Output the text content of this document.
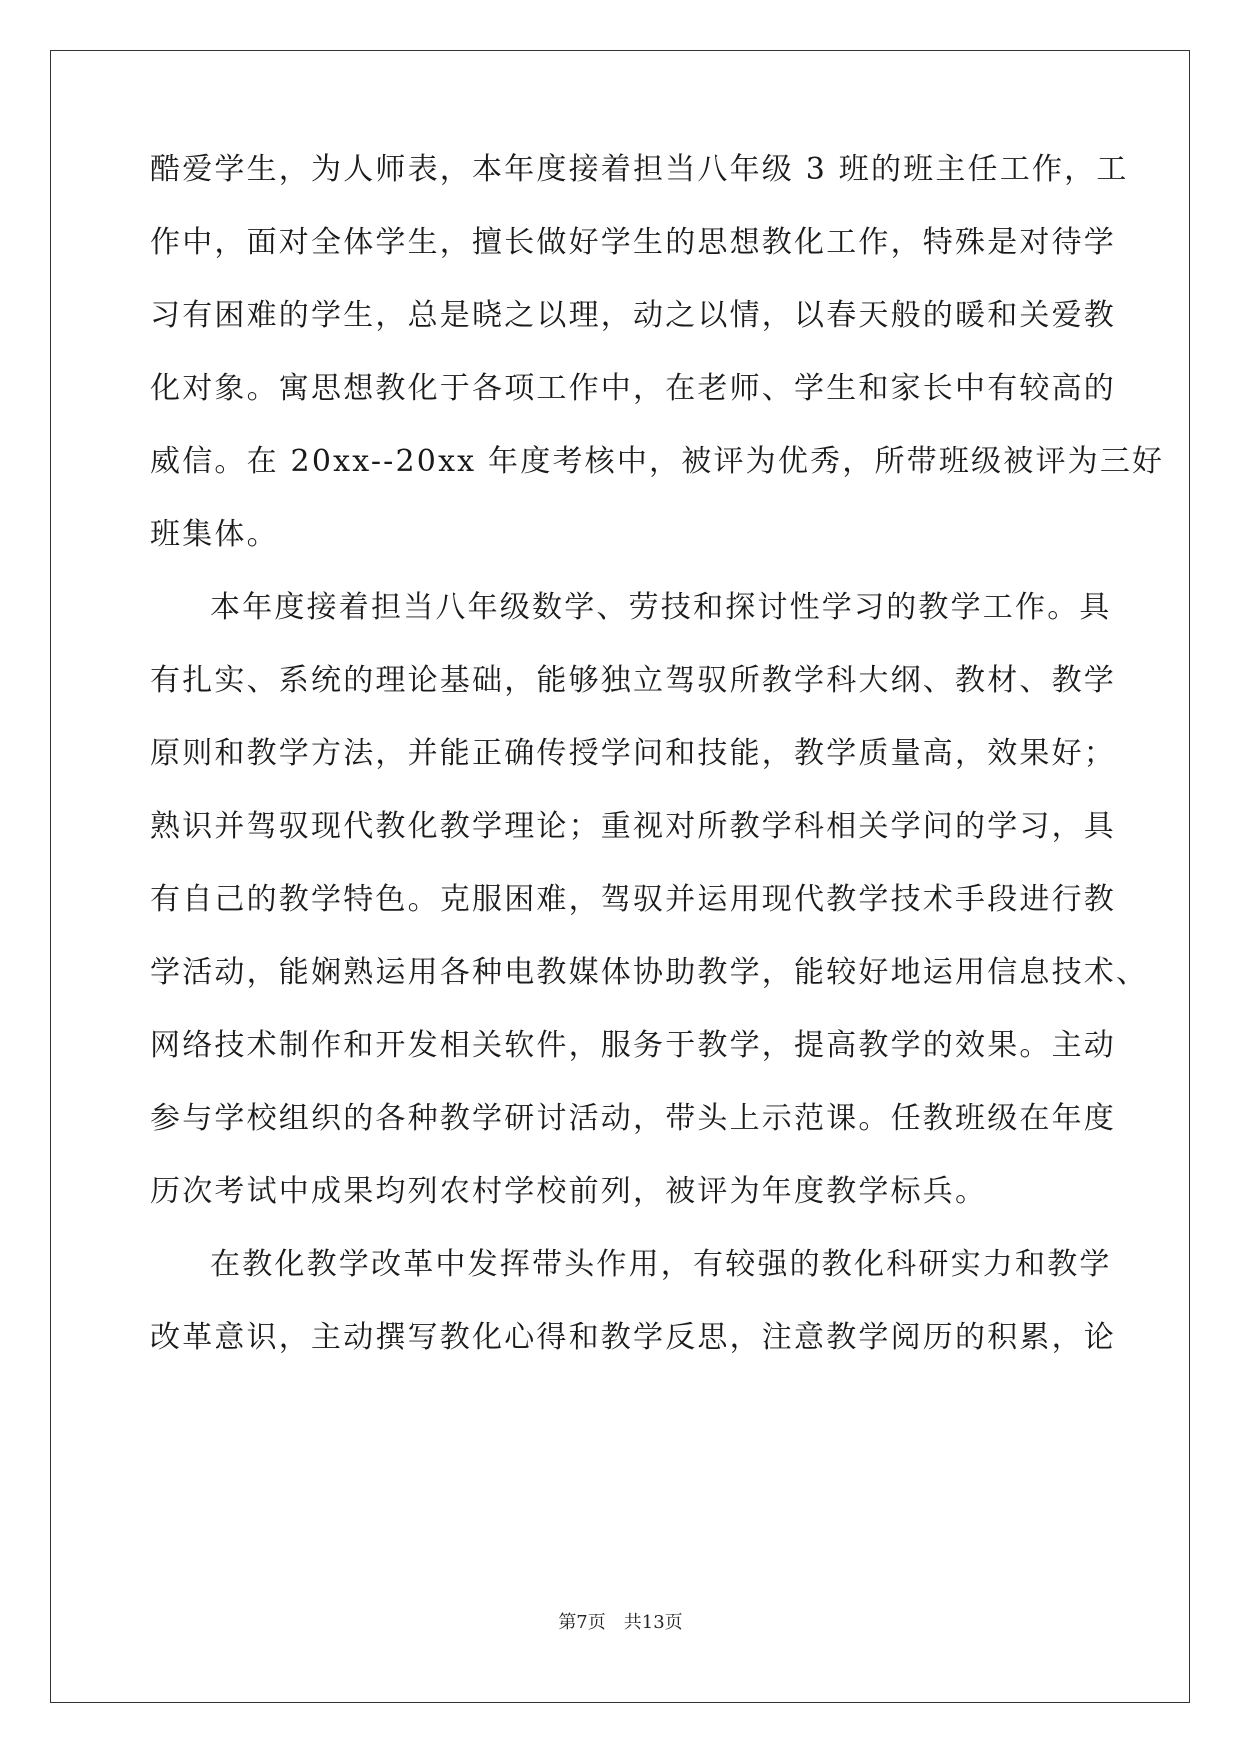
酷爱学生，为人师表，本年度接着担当八年级 3 班的班主任工作，工
作中，面对全体学生，擅长做好学生的思想教化工作，特殊是对待学
习有困难的学生，总是晓之以理，动之以情，以春天般的暖和关爱教
化对象。寓思想教化于各项工作中，在老师、学生和家长中有较高的
威信。在 20xx--20xx 年度考核中，被评为优秀，所带班级被评为三好
班集体。
本年度接着担当八年级数学、劳技和探讨性学习的教学工作。具
有扎实、系统的理论基础，能够独立驾驭所教学科大纲、教材、教学
原则和教学方法，并能正确传授学问和技能，教学质量高，效果好；
熟识并驾驭现代教化教学理论；重视对所教学科相关学问的学习，具
有自己的教学特色。克服困难，驾驭并运用现代教学技术手段进行教
学活动，能娴熟运用各种电教媒体协助教学，能较好地运用信息技术、
网络技术制作和开发相关软件，服务于教学，提高教学的效果。主动
参与学校组织的各种教学研讨活动，带头上示范课。任教班级在年度
历次考试中成果均列农村学校前列，被评为年度教学标兵。
在教化教学改革中发挥带头作用，有较强的教化科研实力和教学
改革意识，主动撰写教化心得和教学反思，注意教学阅历的积累，论
第7页 共13页
